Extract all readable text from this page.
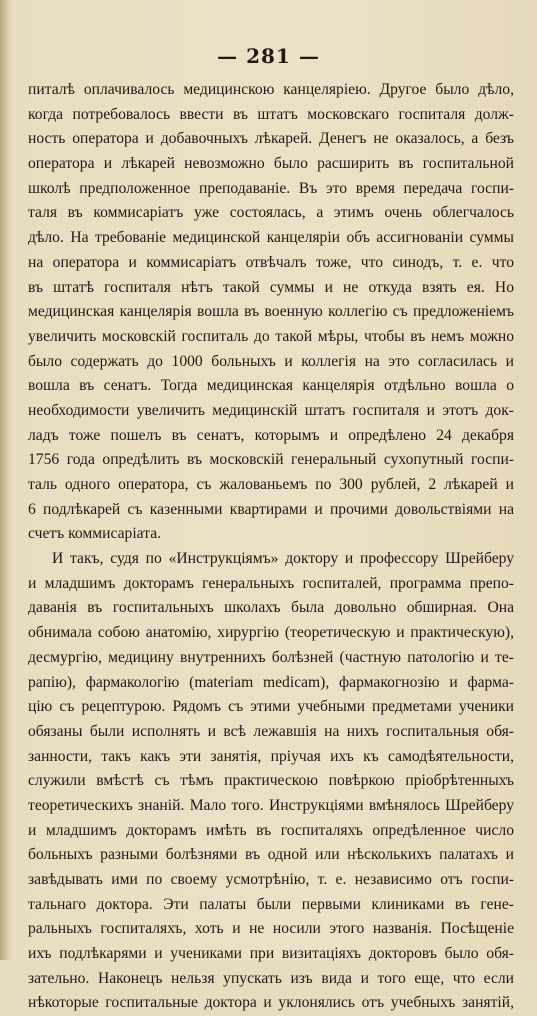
— 281 —
питалѣ оплачивалось медицинскою канцеляріею. Другое было дѣло,
когда потребовалось ввести въ штатъ московскаго госпиталя долж-
ность оператора и добавочныхъ лѣкарей. Денегъ не оказалось, а безъ
оператора и лѣкарей невозможно было расширить въ госпитальной
школѣ предположенное преподаваніе. Въ это время передача госпи-
таля въ коммисаріатъ уже состоялась, а этимъ очень облегчалось
дѣло. На требованіе медицинской канцеляріи объ ассигнованіи суммы
на оператора и коммисаріатъ отвѣчалъ тоже, что синодъ, т. е. что
въ штатѣ госпиталя нѣтъ такой суммы и не откуда взять ея. Но
медицинская канцелярія вошла въ военную коллегію съ предложеніемъ
увеличить московскій госпиталь до такой мѣры, чтобы въ немъ можно
было содержать до 1000 больныхъ и коллегія на это согласилась и
вошла въ сенатъ. Тогда медицинская канцелярія отдѣльно вошла о
необходимости увеличить медицинскій штатъ госпиталя и этотъ док-
ладъ тоже пошелъ въ сенатъ, которымъ и опредѣлено 24 декабря
1756 года опредѣлить въ московскій генеральный сухопутный госпи-
таль одного оператора, съ жалованьемъ по 300 рублей, 2 лѣкарей и
6 подлѣкарей съ казенными квартирами и прочими довольствіями на
счетъ коммисаріата.
И такъ, судя по «Инструкціямъ» доктору и профессору Шрейберу
и младшимъ докторамъ генеральныхъ госпиталей, программа препо-
даванія въ госпитальныхъ школахъ была довольно обширная. Она
обнимала собою анатомію, хирургію (теоретическую и практическую),
десмургію, медицину внутреннихъ болѣзней (частную патологію и те-
рапію), фармакологію (materiam medicam), фармакогнозію и фарма-
цію съ рецептурою. Рядомъ съ этими учебными предметами ученики
обязаны были исполнять и всѣ лежавшія на нихъ госпитальныя обя-
занности, такъ какъ эти занятія, пріучая ихъ къ самодѣятельности,
служили вмѣстѣ съ тѣмъ практическою повѣркою пріобрѣтенныхъ
теоретическихъ знаній. Мало того. Инструкціями вмѣнялось Шрейберу
и младшимъ докторамъ имѣть въ госпиталяхъ опредѣленное число
больныхъ разными болѣзнями въ одной или нѣсколькихъ палатахъ и
завѣдывать ими по своему усмотрѣнію, т. е. независимо отъ госпи-
тальнаго доктора. Эти палаты были первыми клиниками въ гене-
ральныхъ госпиталяхъ, хоть и не носили этого названія. Посѣщеніе
ихъ подлѣкарями и учениками при визитаціяхъ докторовъ было обя-
зательно. Наконецъ нельзя упускать изъ вида и того еще, что если
нѣкоторые госпитальные доктора и уклонялись отъ учебныхъ занятій,
